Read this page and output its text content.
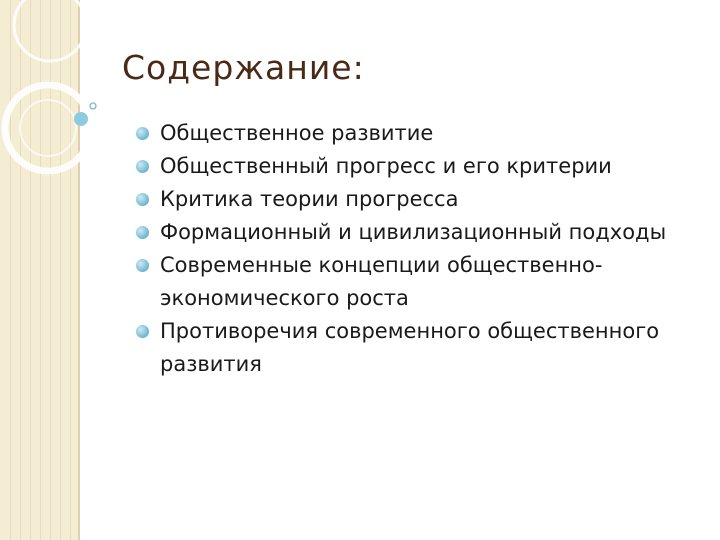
Содержание:
Общественное развитие
Общественный прогресс и его критерии
Критика теории прогресса
Формационный и цивилизационный подходы
Современные концепции общественно-экономического роста
Противоречия современного общественного развития
